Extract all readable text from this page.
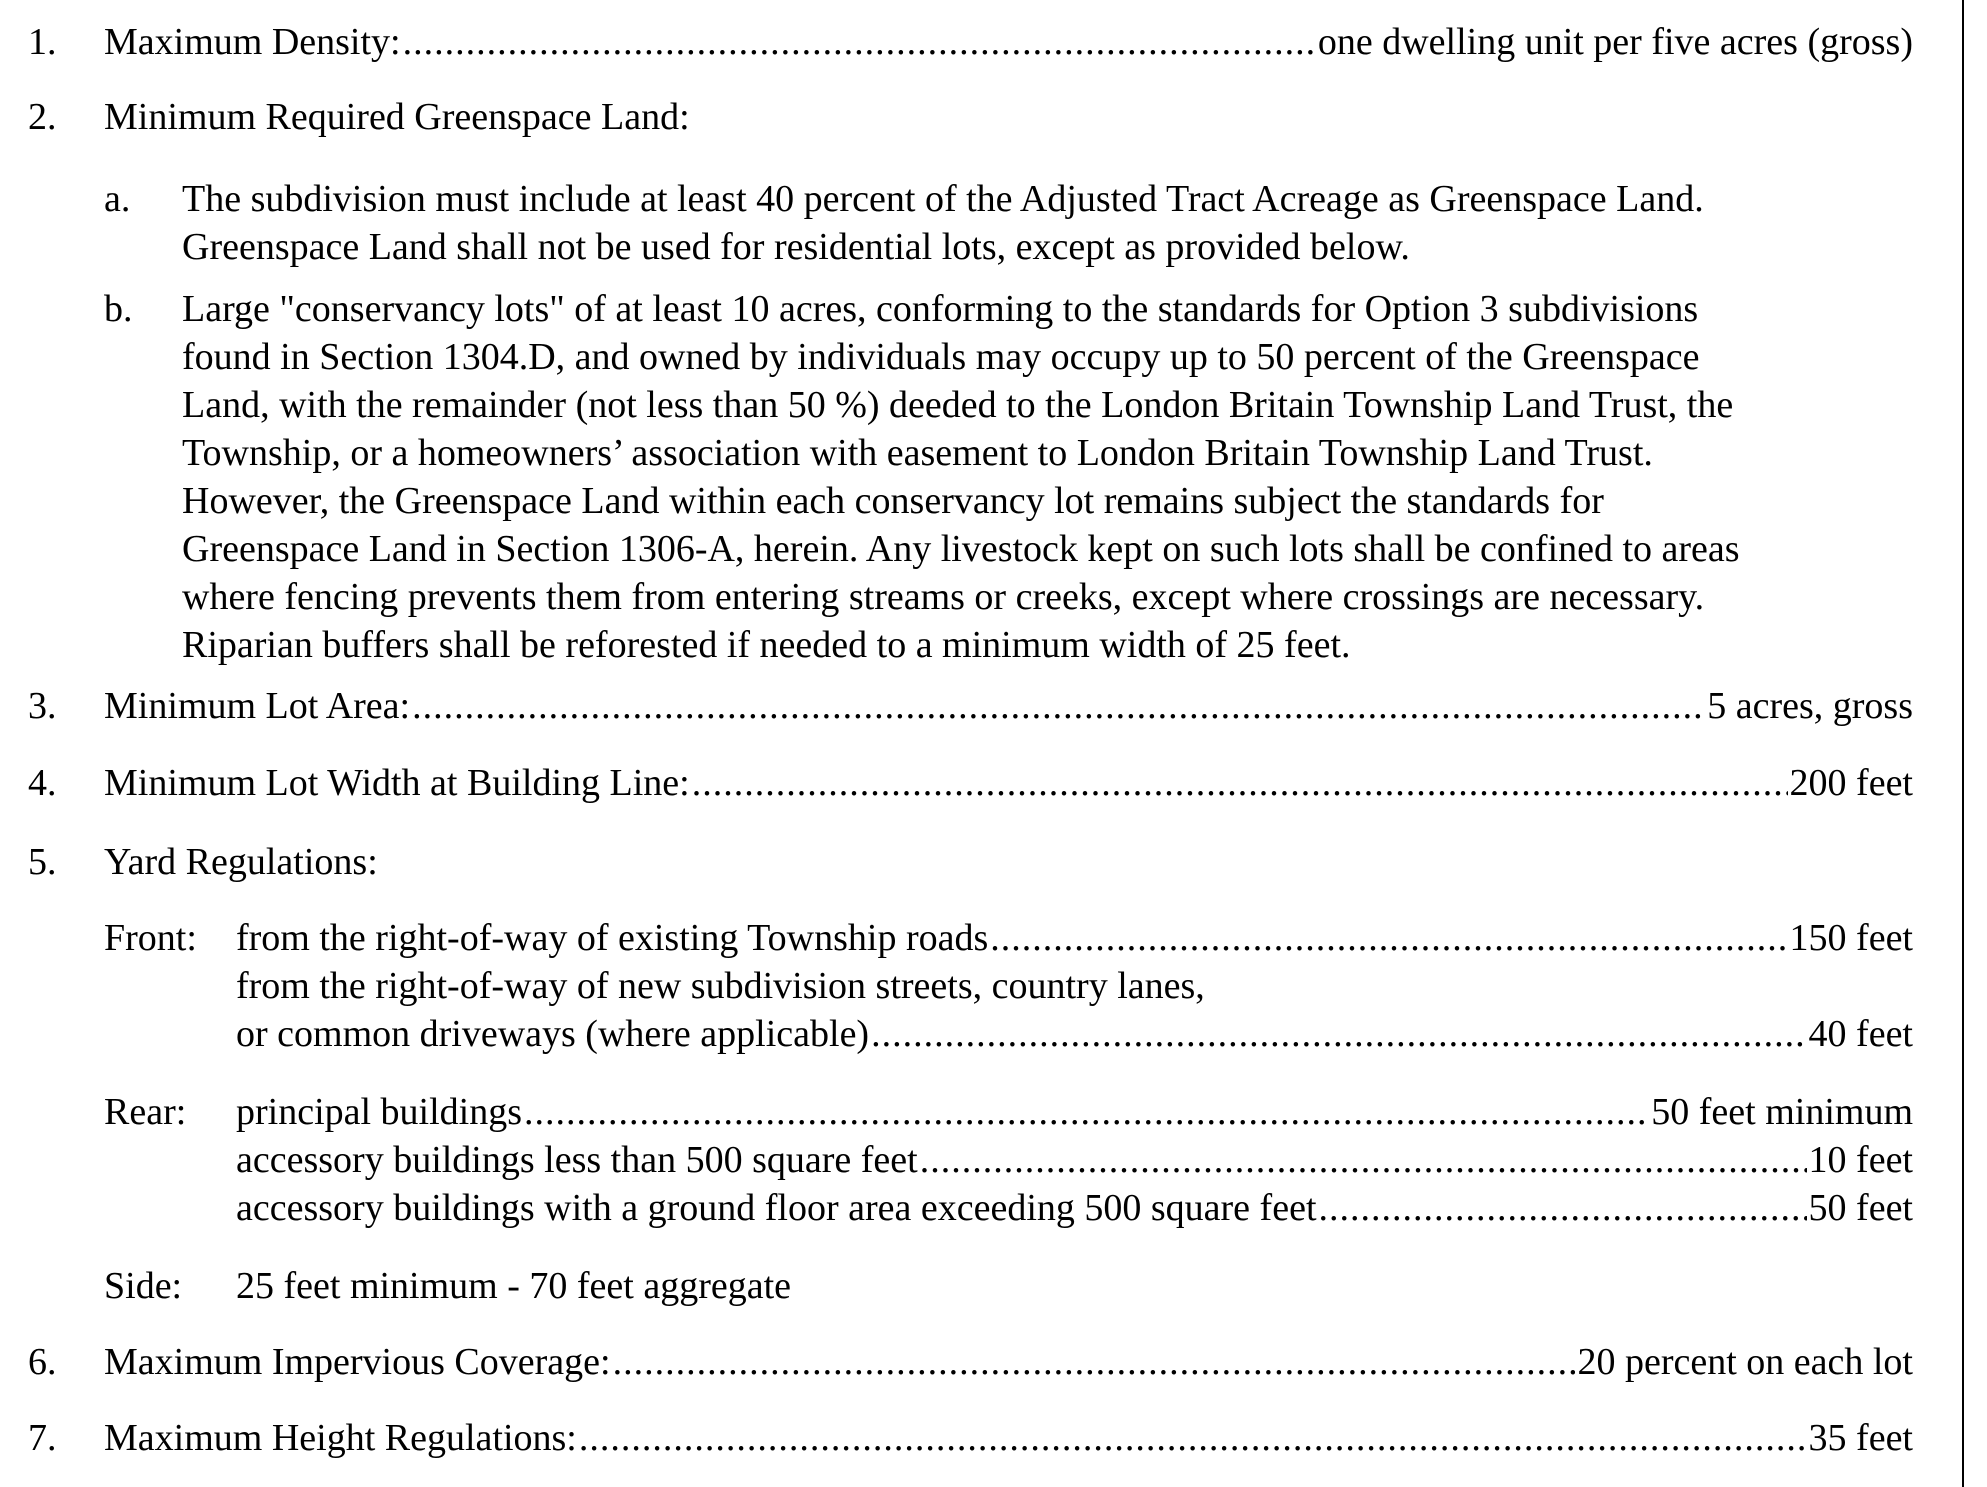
1.	Maximum Density: .....	one dwelling unit per five acres (gross)
2.	Minimum Required Greenspace Land:
a. The subdivision must include at least 40 percent of the Adjusted Tract Acreage as Greenspace Land.
Greenspace Land shall not be used for residential lots, except as provided below.
b. Large "conservancy lots" of at least 10 acres, conforming to the standards for Option 3 subdivisions
found in Section 1304.D, and owned by individuals may occupy up to 50 percent of the Greenspace
Land, with the remainder (not less than 50 %) deeded to the London Britain Township Land Trust, the
Township, or a homeowners’ association with easement to London Britain Township Land Trust.
However, the Greenspace Land within each conservancy lot remains subject the standards for
Greenspace Land in Section 1306-A, herein. Any livestock kept on such lots shall be confined to areas
where fencing prevents them from entering streams or creeks, except where crossings are necessary.
Riparian buffers shall be reforested if needed to a minimum width of 25 feet.
3.	Minimum Lot Area: .....	5 acres, gross
4.	Minimum Lot Width at Building Line: .....	200 feet
5.	Yard Regulations:
Front: from the right-of-way of existing Township roads .....	150 feet
from the right-of-way of new subdivision streets, country lanes,
or common driveways (where applicable) .....	40 feet
Rear: principal buildings .....	50 feet minimum
accessory buildings less than 500 square feet .....	10 feet
accessory buildings with a ground floor area exceeding 500 square feet .....	50 feet
Side: 25 feet minimum - 70 feet aggregate
6.	Maximum Impervious Coverage: .....	20 percent on each lot
7.	Maximum Height Regulations: .....	35 feet
